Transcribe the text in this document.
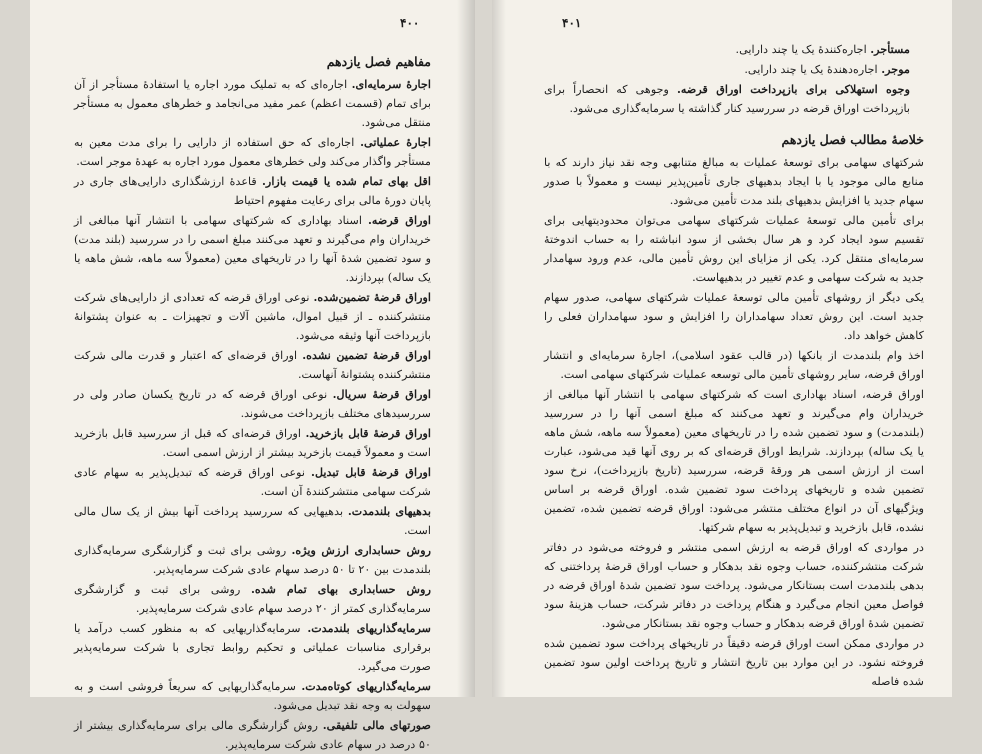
۴۰۰
مفاهیم فصل یازدهم

اجارهٔ سرمایه‌ای. اجاره‌ای که به تملیک مورد اجاره یا استفادهٔ مستأجر از آن برای تمام (قسمت اعظم) عمر مفید می‌انجامد و خطرهای معمول به مستأجر منتقل می‌شود.

اجارهٔ عملیاتی. اجاره‌ای که حق استفاده از دارایی را برای مدت معین به مستأجر واگذار می‌کند ولی خطرهای معمول مورد اجاره به عهدهٔ موجر است.

اقل بهای تمام شده یا قیمت بازار. قاعدهٔ ارزشگذاری دارایی‌های جاری در پایان دورهٔ مالی برای رعایت مفهوم احتیاط

اوراق قرضه. اسناد بهاداری که شرکتهای سهامی با انتشار آنها مبالغی از خریداران وام می‌گیرند و تعهد می‌کنند مبلغ اسمی را در سررسید (بلند مدت) و سود تضمین شدهٔ آنها را در تاریخهای معین (معمولاً سه ماهه، شش ماهه یا یک ساله) بپردازند.

اوراق قرضهٔ تضمین‌شده. نوعی اوراق قرضه که تعدادی از دارایی‌های شرکت منتشرکننده ـ از قبیل اموال، ماشین آلات و تجهیزات ـ به عنوان پشتوانهٔ بازپرداخت آنها وثیقه می‌شود.

اوراق قرضهٔ تضمین نشده. اوراق قرضه‌ای که اعتبار و قدرت مالی شرکت منتشرکننده پشتوانهٔ آنهاست.

اوراق قرضهٔ سریال. نوعی اوراق قرضه که در تاریخ یکسان صادر ولی در سررسیدهای مختلف بازپرداخت می‌شوند.

اوراق قرضهٔ قابل بازخرید. اوراق قرضه‌ای که قبل از سررسید قابل بازخرید است و معمولاً قیمت بازخرید بیشتر از ارزش اسمی است.

اوراق قرضهٔ قابل تبدیل. نوعی اوراق قرضه که تبدیل‌پذیر به سهام عادی شرکت سهامی منتشرکنندهٔ آن است.

بدهیهای بلندمدت. بدهیهایی که سررسید پرداخت آنها بیش از یک سال مالی است.

روش حسابداری ارزش ویژه. روشی برای ثبت و گزارشگری سرمایه‌گذاری بلندمدت بین ۲۰ تا ۵۰ درصد سهام عادی شرکت سرمایه‌پذیر.

روش حسابداری بهای تمام شده. روشی برای ثبت و گزارشگری سرمایه‌گذاری کمتر از ۲۰ درصد سهام عادی شرکت سرمایه‌پذیر.

سرمایه‌گذاریهای بلندمدت. سرمایه‌گذاریهایی که به منظور کسب درآمد یا برقراری مناسبات عملیاتی و تحکیم روابط تجاری با شرکت سرمایه‌پذیر صورت می‌گیرد.

سرمایه‌گذاریهای کوتاه‌مدت. سرمایه‌گذاریهایی که سریعاً فروشی است و به سهولت به وجه نقد تبدیل می‌شود.

صورتهای مالی تلفیقی. روش گزارشگری مالی برای سرمایه‌گذاری بیشتر از ۵۰ درصد در سهام عادی شرکت سرمایه‌پذیر.

۴۰۱

مستأجر. اجاره‌کنندهٔ یک یا چند دارایی.

موجر. اجاره‌دهندهٔ یک یا چند دارایی.

وجوه استهلاکی برای بازپرداخت اوراق قرضه. وجوهی که انحصاراً برای بازپرداخت اوراق قرضه در سررسید کنار گذاشته یا سرمایه‌گذاری می‌شود.

خلاصهٔ مطالب فصل یازدهم

شرکتهای سهامی برای توسعهٔ عملیات به مبالغ متنابهی وجه نقد نیاز دارند که با منابع مالی موجود یا با ایجاد بدهیهای جاری تأمین‌پذیر نیست و معمولاً با صدور سهام جدید یا افزایش بدهیهای بلند مدت تأمین می‌شود.

برای تأمین مالی توسعهٔ عملیات شرکتهای سهامی می‌توان محدودیتهایی برای تقسیم سود ایجاد کرد و هر سال بخشی از سود انباشته را به حساب اندوختهٔ سرمایه‌ای منتقل کرد. یکی از مزایای این روش تأمین مالی، عدم ورود سهامدار جدید به شرکت سهامی و عدم تغییر در بدهیهاست.

یکی دیگر از روشهای تأمین مالی توسعهٔ عملیات شرکتهای سهامی، صدور سهام جدید است. این روش تعداد سهامداران را افزایش و سود سهامداران فعلی را کاهش خواهد داد.

اخذ وام بلندمدت از بانکها (در قالب عقود اسلامی)، اجارهٔ سرمایه‌ای و انتشار اوراق قرضه، سایر روشهای تأمین مالی توسعه عملیات شرکتهای سهامی است.

اوراق قرضه، اسناد بهاداری است که شرکتهای سهامی با انتشار آنها مبالغی از خریداران وام می‌گیرند و تعهد می‌کنند که مبلغ اسمی آنها را در سررسید (بلندمدت) و سود تضمین شده را در تاریخهای معین (معمولاً سه ماهه، شش ماهه یا یک ساله) بپردازند. شرایط اوراق قرضه‌ای که بر روی آنها قید می‌شود، عبارت است از ارزش اسمی هر ورقهٔ قرضه، سررسید (تاریخ بازپرداخت)، نرخ سود تضمین شده و تاریخهای پرداخت سود تضمین شده. اوراق قرضه بر اساس ویژگیهای آن در انواع مختلف منتشر می‌شود: اوراق قرضه تضمین شده، تضمین نشده، قابل بازخرید و تبدیل‌پذیر به سهام شرکتها.

در مواردی که اوراق قرضه به ارزش اسمی منتشر و فروخته می‌شود در دفاتر شرکت منتشرکننده، حساب وجوه نقد بدهکار و حساب اوراق قرضهٔ پرداختنی که بدهی بلندمدت است بستانکار می‌شود. پرداخت سود تضمین شدهٔ اوراق قرضه در فواصل معین انجام می‌گیرد و هنگام پرداخت در دفاتر شرکت، حساب هزینهٔ سود تضمین شدهٔ اوراق قرضه بدهکار و حساب وجوه نقد بستانکار می‌شود.

در مواردی ممکن است اوراق قرضه دقیقاً در تاریخهای پرداخت سود تضمین شده فروخته نشود. در این موارد بین تاریخ انتشار و تاریخ پرداخت اولین سود تضمین شده فاصله
